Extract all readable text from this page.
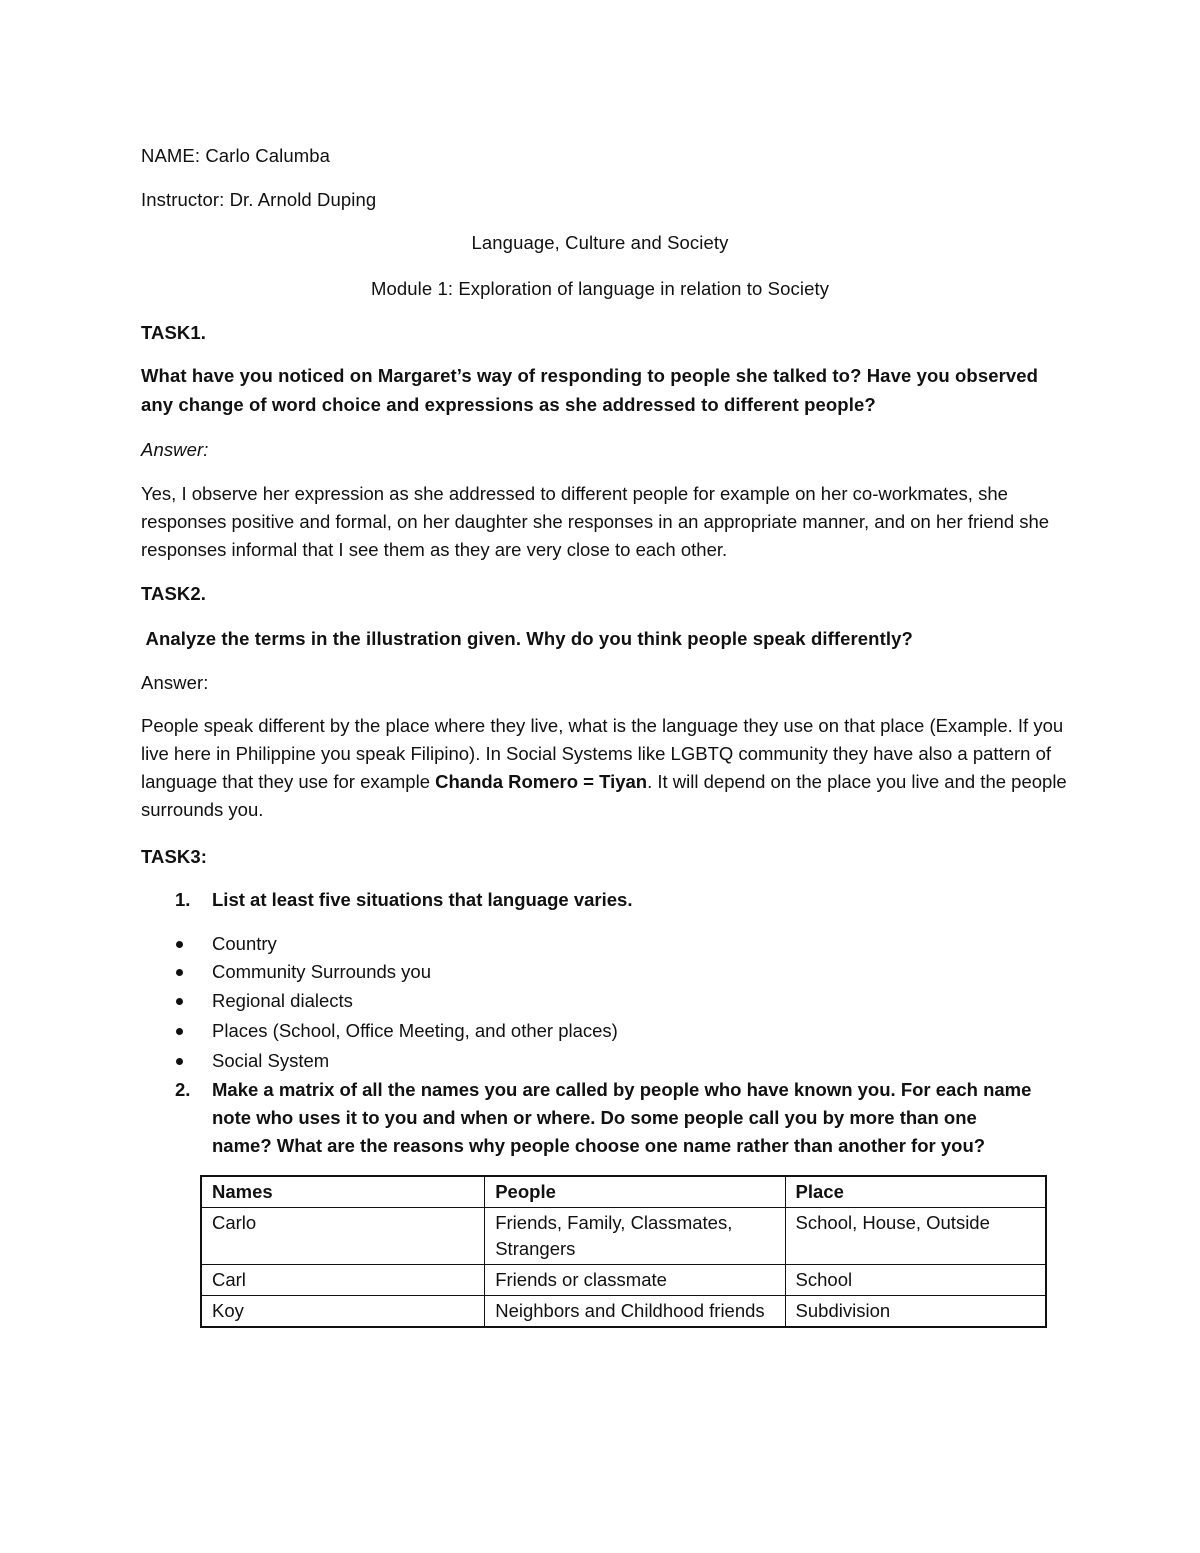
NAME: Carlo Calumba
Instructor: Dr. Arnold Duping
Language, Culture and Society
Module 1: Exploration of language in relation to Society
TASK1.
What have you noticed on Margaret’s way of responding to people she talked to? Have you observed
any change of word choice and expressions as she addressed to different people?
Answer:

Yes, I observe her expression as she addressed to different people for example on her co-workmates, she responses positive and formal, on her daughter she responses in an appropriate manner, and on her friend she responses informal that I see them as they are very close to each other.

TASK2.
Analyze the terms in the illustration given. Why do you think people speak differently?
Answer:

People speak different by the place where they live, what is the language they use on that place (Example. If you live here in Philippine you speak Filipino). In Social Systems like LGBTQ community they have also a pattern of language that they use for example Chanda Romero = Tiyan. It will depend on the place you live and the people surrounds you.

TASK3:
1. List at least five situations that language varies.
Country
Community Surrounds you
Regional dialects
Places (School, Office Meeting, and other places)
Social System
2. Make a matrix of all the names you are called by people who have known you. For each name
note who uses it to you and when or where. Do some people call you by more than one
name? What are the reasons why people choose one name rather than another for you?
Names	People	Place
Carlo	Friends, Family, Classmates, Strangers	School, House, Outside
Carl	Friends or classmate	School
Koy	Neighbors and Childhood friends	Subdivision
